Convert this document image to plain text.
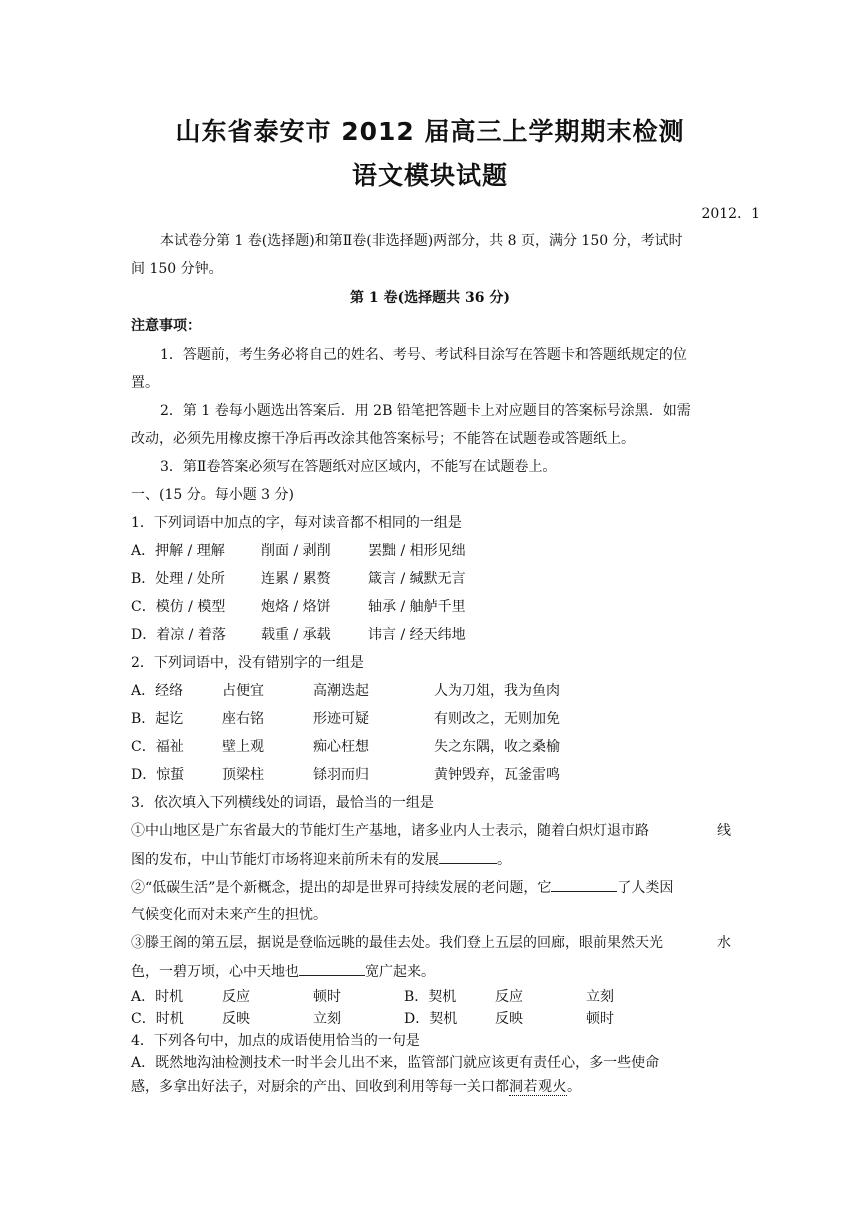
山东省泰安市 2012 届高三上学期期末检测
语文模块试题
2012．1
本试卷分第 1 卷(选择题)和第Ⅱ卷(非选择题)两部分，共 8 页，满分 150 分，考试时
间 150 分钟。
第 1 卷(选择题共 36 分)
注意事项：
1．答题前，考生务必将自己的姓名、考号、考试科目涂写在答题卡和答题纸规定的位
置。
2．第 1 卷每小题选出答案后．用 2B 铅笔把答题卡上对应题目的答案标号涂黑．如需
改动，必须先用橡皮擦干净后再改涂其他答案标号；不能答在试题卷或答题纸上。
3．第Ⅱ卷答案必须写在答题纸对应区域内，不能写在试题卷上。
一、(15 分。每小题 3 分)
1．下列词语中加点的字，每对读音都不相同的一组是
A．押解 / 理解	削面 / 剥削	罢黜 / 相形见绌
B．处理 / 处所	连累 / 累赘	箴言 / 缄默无言
C．模仿 / 模型	炮烙 / 烙饼	轴承 / 舳舻千里
D．着凉 / 着落	载重 / 承载	讳言 / 经天纬地
2．下列词语中，没有错别字的一组是
A．经络	占便宜	高潮迭起	人为刀俎，我为鱼肉
B．起讫	座右铭	形迹可疑	有则改之，无则加免
C．福祉	壁上观	痴心枉想	失之东隅，收之桑榆
D．惊蜇	顶梁柱	铩羽而归	黄钟毁弃，瓦釜雷鸣
3．依次填入下列横线处的词语，最恰当的一组是
①中山地区是广东省最大的节能灯生产基地，诸多业内人士表示，随着白炽灯退市路	线
图的发布，中山节能灯市场将迎来前所未有的发展	。
②“低碳生活”是个新概念，提出的却是世界可持续发展的老问题，它	了人类因
气候变化而对未来产生的担忧。
③滕王阁的第五层，据说是登临远眺的最佳去处。我们登上五层的回廊，眼前果然天光	水
色，一碧万顷，心中天地也	宽广起来。
A．时机	反应	顿时	B．契机	反应	立刻
C．时机	反映	立刻	D．契机	反映	顿时
4．下列各句中，加点的成语使用恰当的一句是
A．既然地沟油检测技术一时半会儿出不来，监管部门就应该更有责任心，多一些使命
感，多拿出好法子，对厨余的产出、回收到利用等每一关口都洞若观火。
